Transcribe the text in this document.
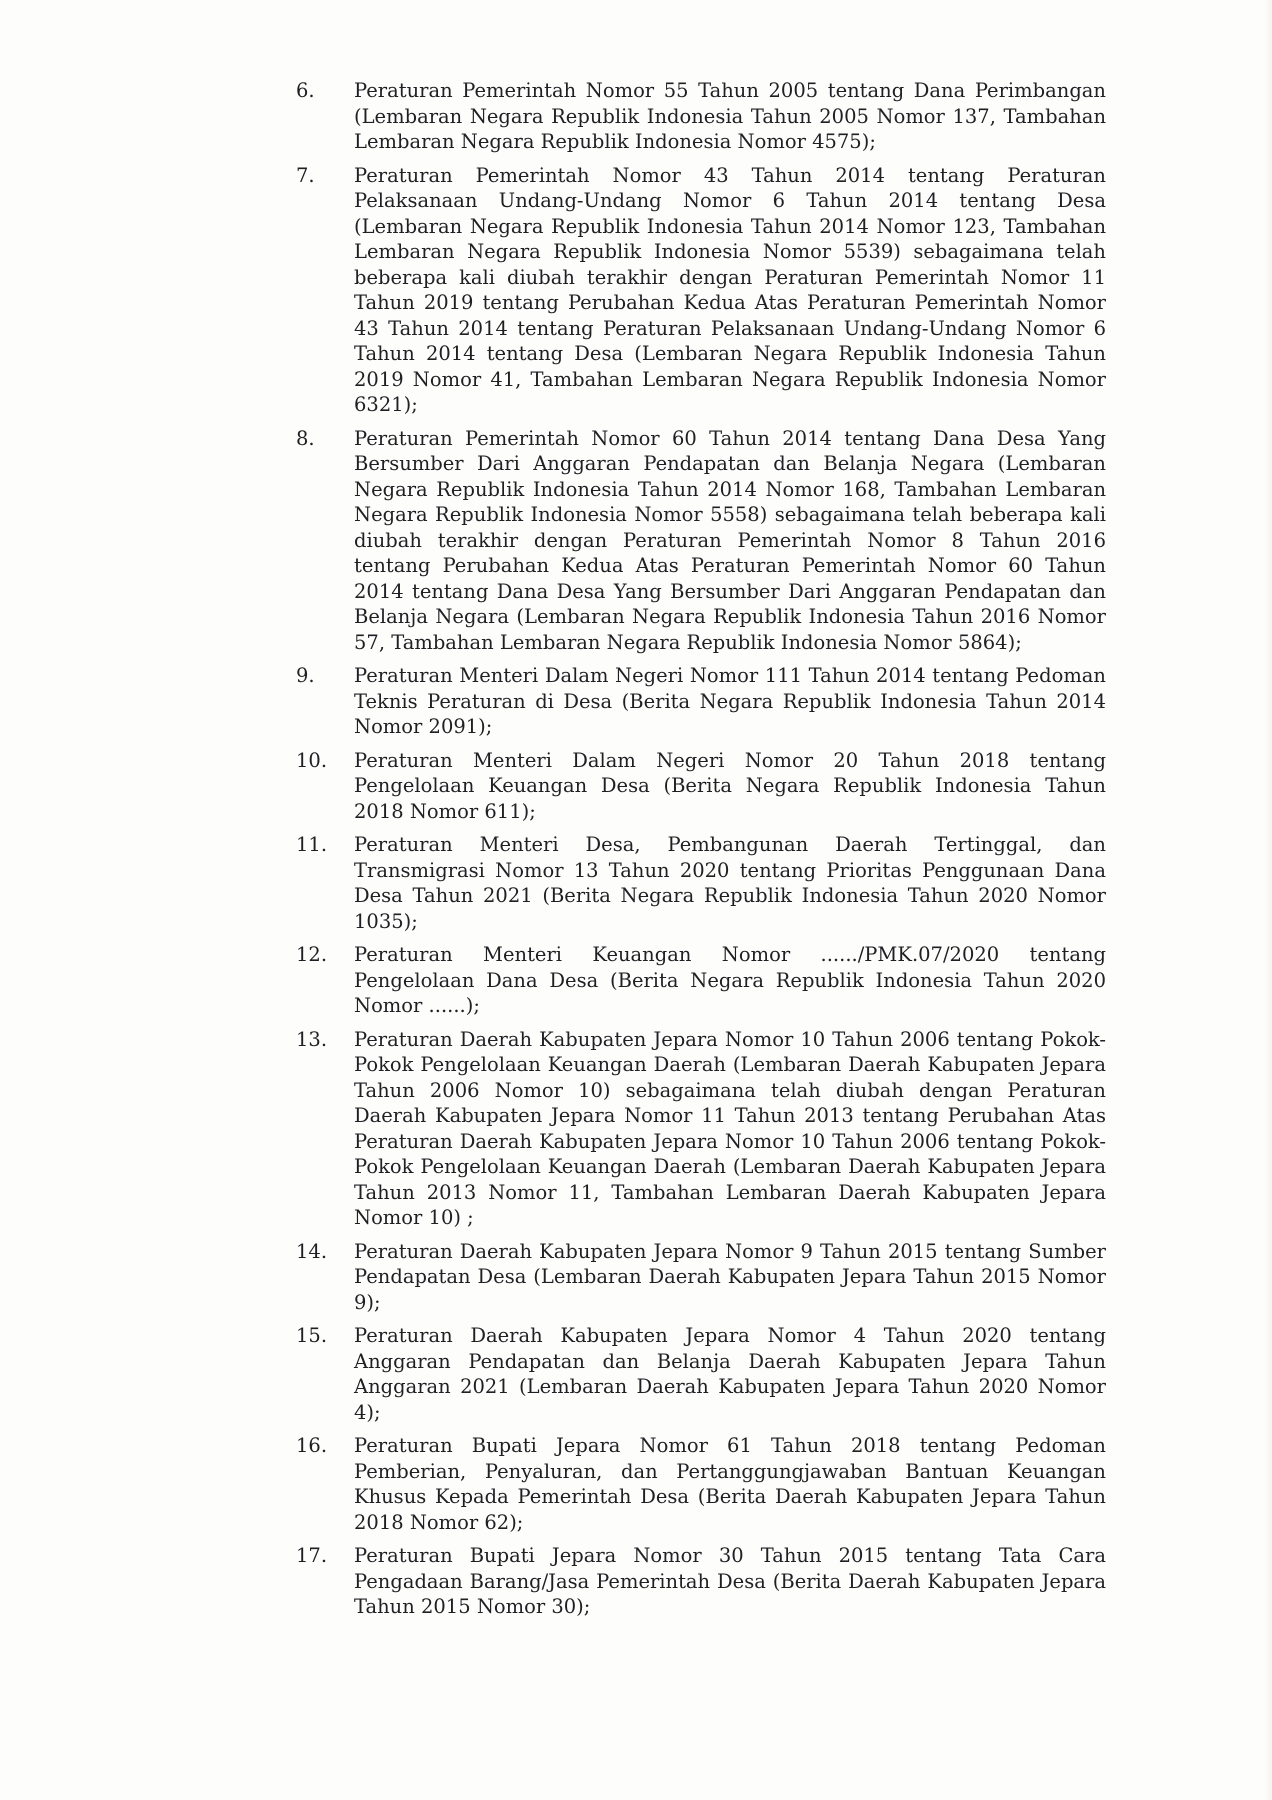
6.	Peraturan Pemerintah Nomor 55 Tahun 2005 tentang Dana Perimbangan (Lembaran Negara Republik Indonesia Tahun 2005 Nomor 137, Tambahan Lembaran Negara Republik Indonesia Nomor 4575);
7.	Peraturan Pemerintah Nomor 43 Tahun 2014 tentang Peraturan Pelaksanaan Undang-Undang Nomor 6 Tahun 2014 tentang Desa (Lembaran Negara Republik Indonesia Tahun 2014 Nomor 123, Tambahan Lembaran Negara Republik Indonesia Nomor 5539) sebagaimana telah beberapa kali diubah terakhir dengan Peraturan Pemerintah Nomor 11 Tahun 2019 tentang Perubahan Kedua Atas Peraturan Pemerintah Nomor 43 Tahun 2014 tentang Peraturan Pelaksanaan Undang-Undang Nomor 6 Tahun 2014 tentang Desa (Lembaran Negara Republik Indonesia Tahun 2019 Nomor 41, Tambahan Lembaran Negara Republik Indonesia Nomor 6321);
8.	Peraturan Pemerintah Nomor 60 Tahun 2014 tentang Dana Desa Yang Bersumber Dari Anggaran Pendapatan dan Belanja Negara (Lembaran Negara Republik Indonesia Tahun 2014 Nomor 168, Tambahan Lembaran Negara Republik Indonesia Nomor 5558) sebagaimana telah beberapa kali diubah terakhir dengan Peraturan Pemerintah Nomor 8 Tahun 2016 tentang Perubahan Kedua Atas Peraturan Pemerintah Nomor 60 Tahun 2014 tentang Dana Desa Yang Bersumber Dari Anggaran Pendapatan dan Belanja Negara (Lembaran Negara Republik Indonesia Tahun 2016 Nomor 57, Tambahan Lembaran Negara Republik Indonesia Nomor 5864);
9.	Peraturan Menteri Dalam Negeri Nomor 111 Tahun 2014 tentang Pedoman Teknis Peraturan di Desa (Berita Negara Republik Indonesia Tahun 2014 Nomor 2091);
10.	Peraturan Menteri Dalam Negeri Nomor 20 Tahun 2018 tentang Pengelolaan Keuangan Desa (Berita Negara Republik Indonesia Tahun 2018 Nomor 611);
11.	Peraturan Menteri Desa, Pembangunan Daerah Tertinggal, dan Transmigrasi Nomor 13 Tahun 2020 tentang Prioritas Penggunaan Dana Desa Tahun 2021 (Berita Negara Republik Indonesia Tahun 2020 Nomor 1035);
12.	Peraturan Menteri Keuangan Nomor ....../PMK.07/2020 tentang Pengelolaan Dana Desa (Berita Negara Republik Indonesia Tahun 2020 Nomor ......);
13.	Peraturan Daerah Kabupaten Jepara Nomor 10 Tahun 2006 tentang Pokok-Pokok Pengelolaan Keuangan Daerah (Lembaran Daerah Kabupaten Jepara Tahun 2006 Nomor 10) sebagaimana telah diubah dengan Peraturan Daerah Kabupaten Jepara Nomor 11 Tahun 2013 tentang Perubahan Atas Peraturan Daerah Kabupaten Jepara Nomor 10 Tahun 2006 tentang Pokok-Pokok Pengelolaan Keuangan Daerah (Lembaran Daerah Kabupaten Jepara Tahun 2013 Nomor 11, Tambahan Lembaran Daerah Kabupaten Jepara Nomor 10) ;
14.	Peraturan Daerah Kabupaten Jepara Nomor 9 Tahun 2015 tentang Sumber Pendapatan Desa (Lembaran Daerah Kabupaten Jepara Tahun 2015 Nomor 9);
15.	Peraturan Daerah Kabupaten Jepara Nomor 4 Tahun 2020 tentang Anggaran Pendapatan dan Belanja Daerah Kabupaten Jepara Tahun Anggaran 2021 (Lembaran Daerah Kabupaten Jepara Tahun 2020 Nomor 4);
16.	Peraturan Bupati Jepara Nomor 61 Tahun 2018 tentang Pedoman Pemberian, Penyaluran, dan Pertanggungjawaban Bantuan Keuangan Khusus Kepada Pemerintah Desa (Berita Daerah Kabupaten Jepara Tahun 2018 Nomor 62);
17.	Peraturan Bupati Jepara Nomor 30 Tahun 2015 tentang Tata Cara Pengadaan Barang/Jasa Pemerintah Desa (Berita Daerah Kabupaten Jepara Tahun 2015 Nomor 30);
